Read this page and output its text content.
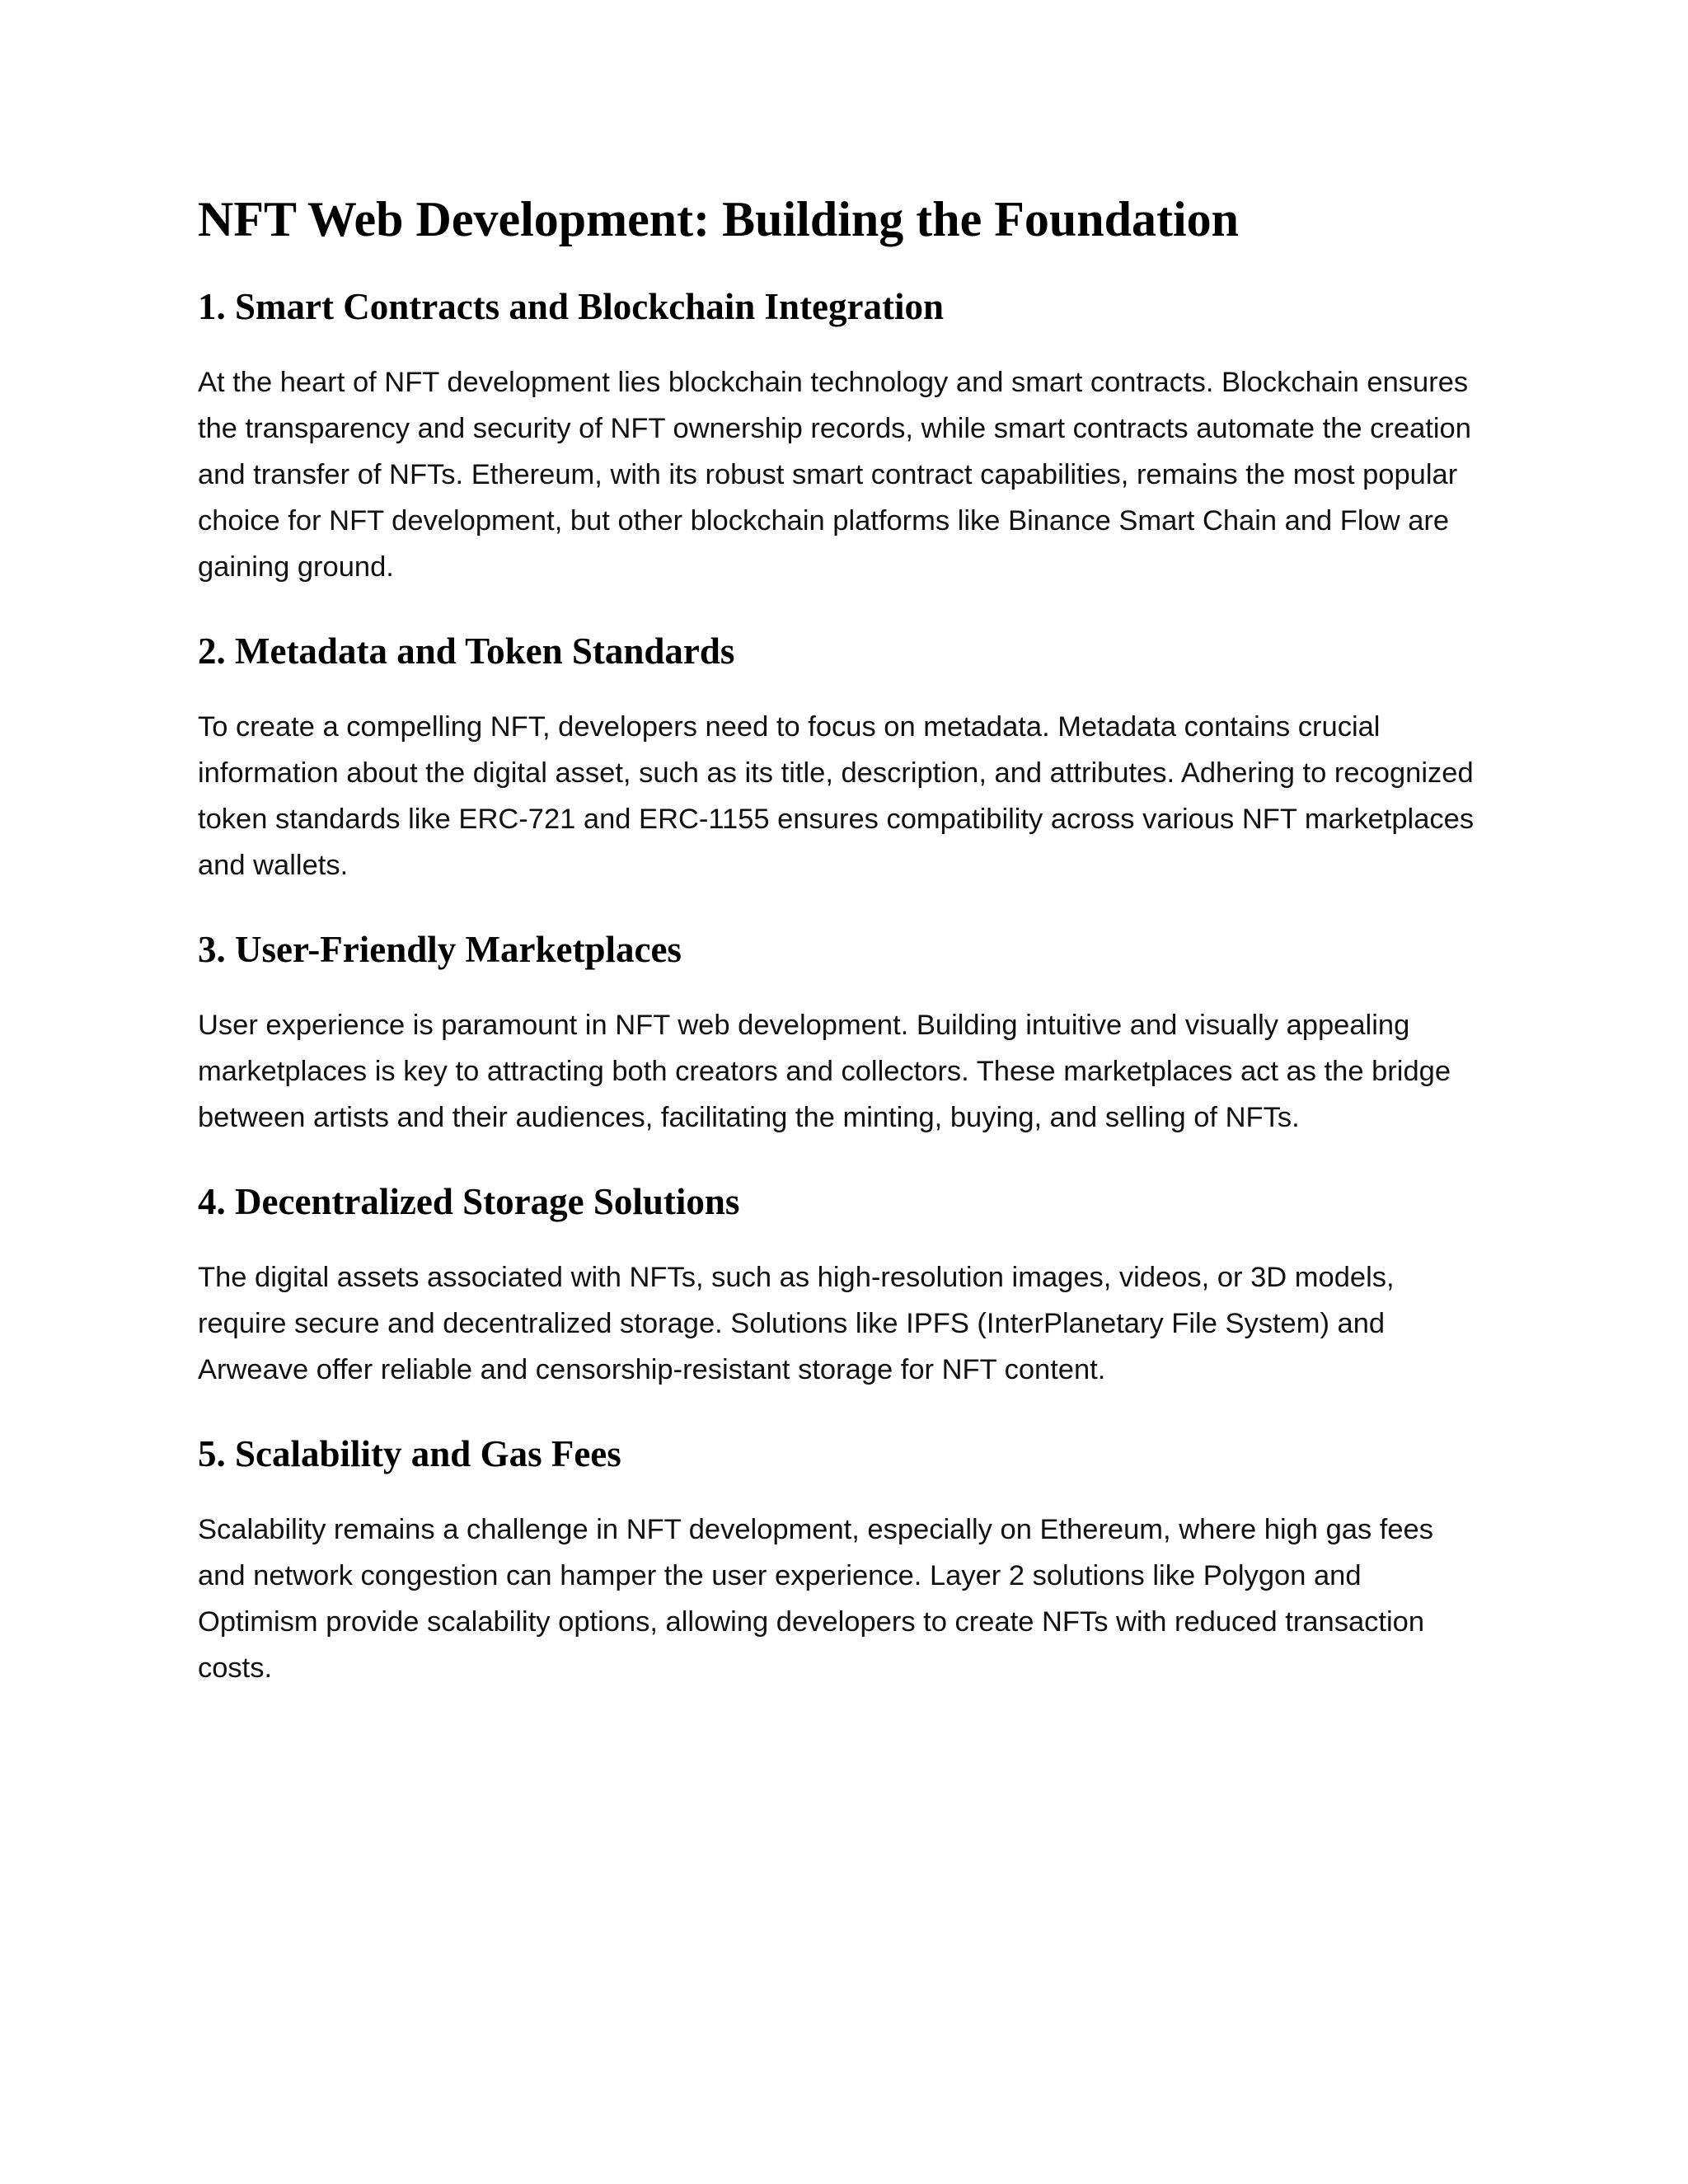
NFT Web Development: Building the Foundation
1. Smart Contracts and Blockchain Integration

At the heart of NFT development lies blockchain technology and smart contracts. Blockchain ensures the transparency and security of NFT ownership records, while smart contracts automate the creation and transfer of NFTs. Ethereum, with its robust smart contract capabilities, remains the most popular choice for NFT development, but other blockchain platforms like Binance Smart Chain and Flow are gaining ground.

2. Metadata and Token Standards

To create a compelling NFT, developers need to focus on metadata. Metadata contains crucial information about the digital asset, such as its title, description, and attributes. Adhering to recognized token standards like ERC-721 and ERC-1155 ensures compatibility across various NFT marketplaces and wallets.

3. User-Friendly Marketplaces

User experience is paramount in NFT web development. Building intuitive and visually appealing marketplaces is key to attracting both creators and collectors. These marketplaces act as the bridge between artists and their audiences, facilitating the minting, buying, and selling of NFTs.

4. Decentralized Storage Solutions

The digital assets associated with NFTs, such as high-resolution images, videos, or 3D models, require secure and decentralized storage. Solutions like IPFS (InterPlanetary File System) and Arweave offer reliable and censorship-resistant storage for NFT content.

5. Scalability and Gas Fees

Scalability remains a challenge in NFT development, especially on Ethereum, where high gas fees and network congestion can hamper the user experience. Layer 2 solutions like Polygon and Optimism provide scalability options, allowing developers to create NFTs with reduced transaction costs.
